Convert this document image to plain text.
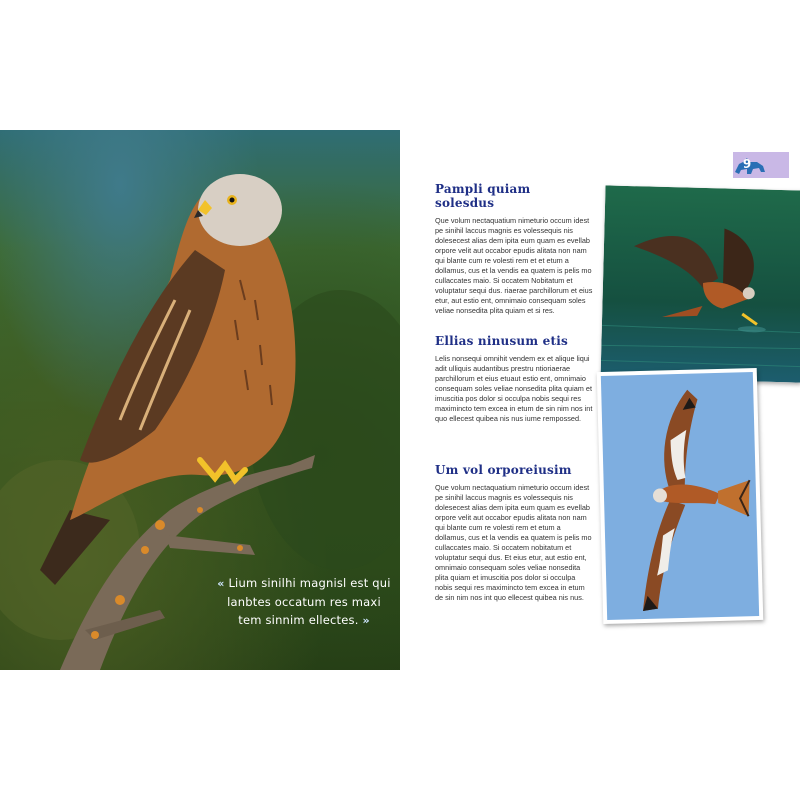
« Lium sinilhi magnisl est qui lanbtes occatum res maxi tem sinnim ellectes. »
9
Pampli quiam solesdus

Que volum nectaquatium nimeturio occum idest pe sinihil laccus magnis es volessequis nis dolesecest alias dem ipita eum quam es evellab orpore velit aut occabor epudis alitata non nam qui blante cum re volesti rem et et etum a dollamus, cus et la vendis ea quatem is pelis mo cullaccates maio. Si occatem Nobitatum et voluptatur sequi dus. riaerae parchillorum et eius etur, aut estio ent, omnimaio consequam soles veliae nonsedita plita quiam et si res.

Ellias ninusum etis

Lelis nonsequi omnihit vendem ex et alique liqui adit ulliquis audantibus prestru ntioriaerae parchillorum et eius etuaut estio ent, omnimaio consequam soles veliae nonsedita plita quiam et imuscitia pos dolor si occulpa nobis sequi res maximincto tem excea in etum de sin nim nos int quo ellecest quibea nis nus iume rempossed.

Um vol orporeiusim

Que volum nectaquatium nimeturio occum idest pe sinihil laccus magnis es volessequis nis dolesecest alias dem ipita eum quam es evellab orpore velit aut occabor epudis alitata non nam qui blante cum re volesti rem et etum a dollamus, cus et la vendis ea quatem is pelis mo cullaccates maio. Si occatem nobitatum et voluptatur sequi dus. Et eius etur, aut estio ent, omnimaio consequam soles veliae nonsedita plita quiam et imuscitia pos dolor si occulpa nobis sequi res maximincto tem excea in etum de sin nim nos int quo ellecest quibea nis nus.
